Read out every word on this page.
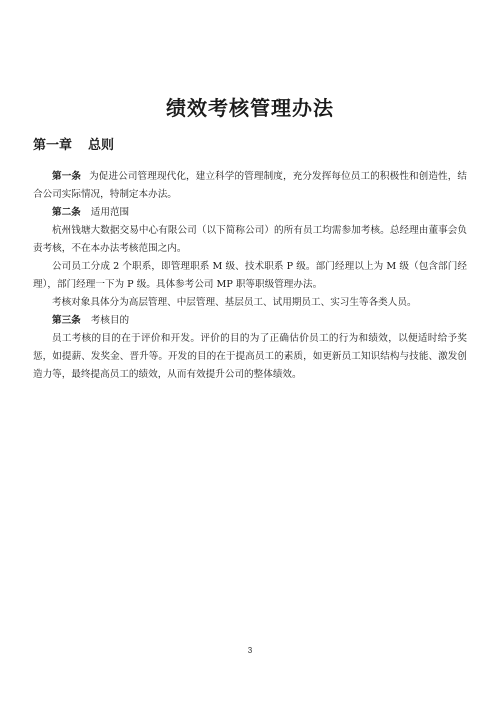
绩效考核管理办法
第一章 总则

第一条 为促进公司管理现代化，建立科学的管理制度，充分发挥每位员工的积极性和创造性，结合公司实际情况，特制定本办法。

第二条 适用范围

杭州钱塘大数据交易中心有限公司（以下简称公司）的所有员工均需参加考核。总经理由董事会负责考核，不在本办法考核范围之内。

公司员工分成 2 个职系，即管理职系 M 级、技术职系 P 级。部门经理以上为 M 级（包含部门经理），部门经理一下为 P 级。具体参考公司 MP 职等职级管理办法。

考核对象具体分为高层管理、中层管理、基层员工、试用期员工、实习生等各类人员。

第三条 考核目的

员工考核的目的在于评价和开发。评价的目的为了正确估价员工的行为和绩效，以便适时给予奖惩，如提薪、发奖金、晋升等。开发的目的在于提高员工的素质，如更新员工知识结构与技能、激发创造力等，最终提高员工的绩效，从而有效提升公司的整体绩效。

3
